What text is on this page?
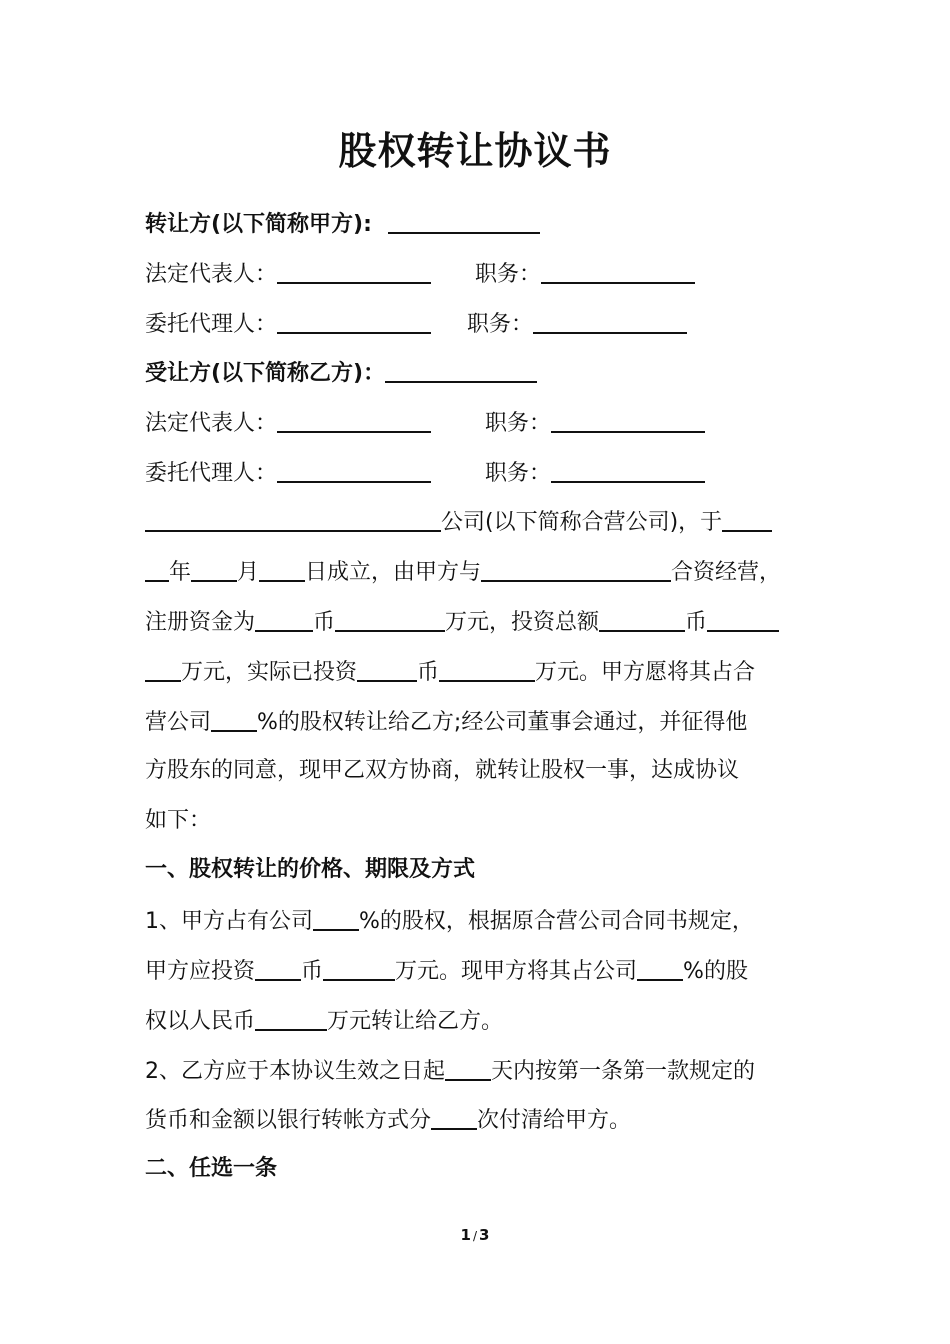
股权转让协议书
转让方(以下简称甲方):
法定代表人：	职务：
委托代理人：	职务：
受让方(以下简称乙方)：
法定代表人：	职务：
委托代理人：	职务：
公司(以下简称合营公司)，于
年 月 日成立，由甲方与	合资经营，
注册资金为	币	万元，投资总额	币
万元，实际已投资	币	万元。甲方愿将其占合
营公司 %的股权转让给乙方;经公司董事会通过，并征得他
方股东的同意，现甲乙双方协商，就转让股权一事，达成协议
如下：
一、股权转让的价格、期限及方式
1、甲方占有公司 %的股权，根据原合营公司合同书规定，
甲方应投资 币	万元。现甲方将其占公司 %的股
权以人民币	万元转让给乙方。
2、乙方应于本协议生效之日起 天内按第一条第一款规定的
货币和金额以银行转帐方式分 次付清给甲方。
二、任选一条
1 / 3
